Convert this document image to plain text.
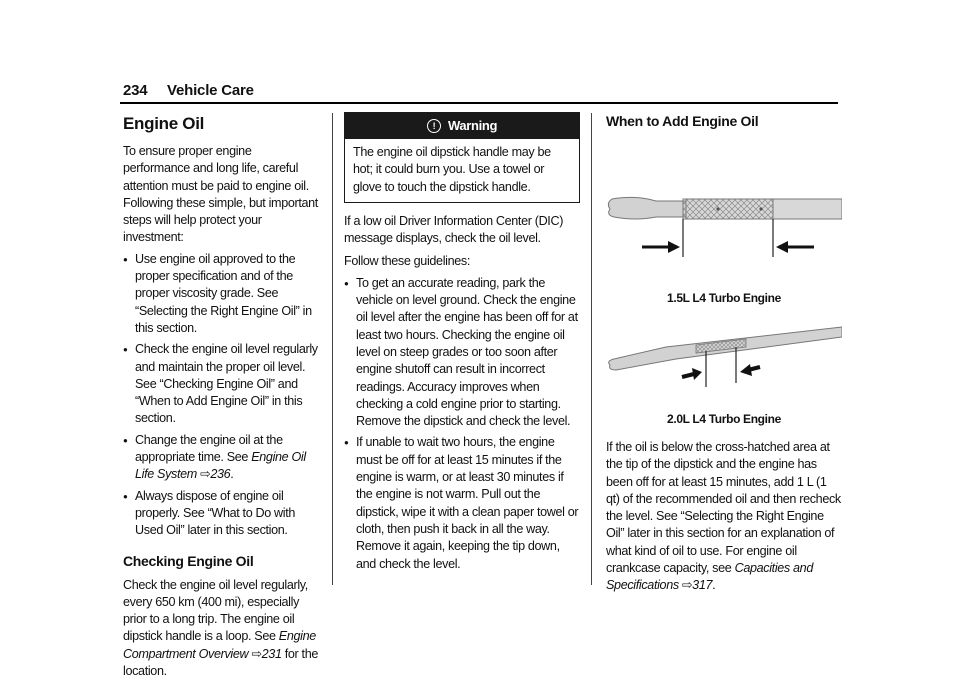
234 Vehicle Care
Engine Oil

To ensure proper engine performance and long life, careful attention must be paid to engine oil. Following these simple, but important steps will help protect your investment:

● Use engine oil approved to the proper specification and of the proper viscosity grade. See “Selecting the Right Engine Oil” in this section.
● Check the engine oil level regularly and maintain the proper oil level. See “Checking Engine Oil” and “When to Add Engine Oil” in this section.
● Change the engine oil at the appropriate time. See Engine Oil Life System ⇨236.
● Always dispose of engine oil properly. See “What to Do with Used Oil” later in this section.
Checking Engine Oil

Check the engine oil level regularly, every 650 km (400 mi), especially prior to a long trip. The engine oil dipstick handle is a loop. See Engine Compartment Overview ⇨231 for the location.

! Warning
The engine oil dipstick handle may be hot; it could burn you. Use a towel or glove to touch the dipstick handle.

If a low oil Driver Information Center (DIC) message displays, check the oil level.

Follow these guidelines:

● To get an accurate reading, park the vehicle on level ground. Check the engine oil level after the engine has been off for at least two hours. Checking the engine oil level on steep grades or too soon after engine shutoff can result in incorrect readings. Accuracy improves when checking a cold engine prior to starting. Remove the dipstick and check the level.
● If unable to wait two hours, the engine must be off for at least 15 minutes if the engine is warm, or at least 30 minutes if the engine is not warm. Pull out the dipstick, wipe it with a clean paper towel or cloth, then push it back in all the way. Remove it again, keeping the tip down, and check the level.
When to Add Engine Oil
1.5L L4 Turbo Engine
2.0L L4 Turbo Engine

If the oil is below the cross-hatched area at the tip of the dipstick and the engine has been off for at least 15 minutes, add 1 L (1 qt) of the recommended oil and then recheck the level. See “Selecting the Right Engine Oil” later in this section for an explanation of what kind of oil to use. For engine oil crankcase capacity, see Capacities and Specifications ⇨317.
